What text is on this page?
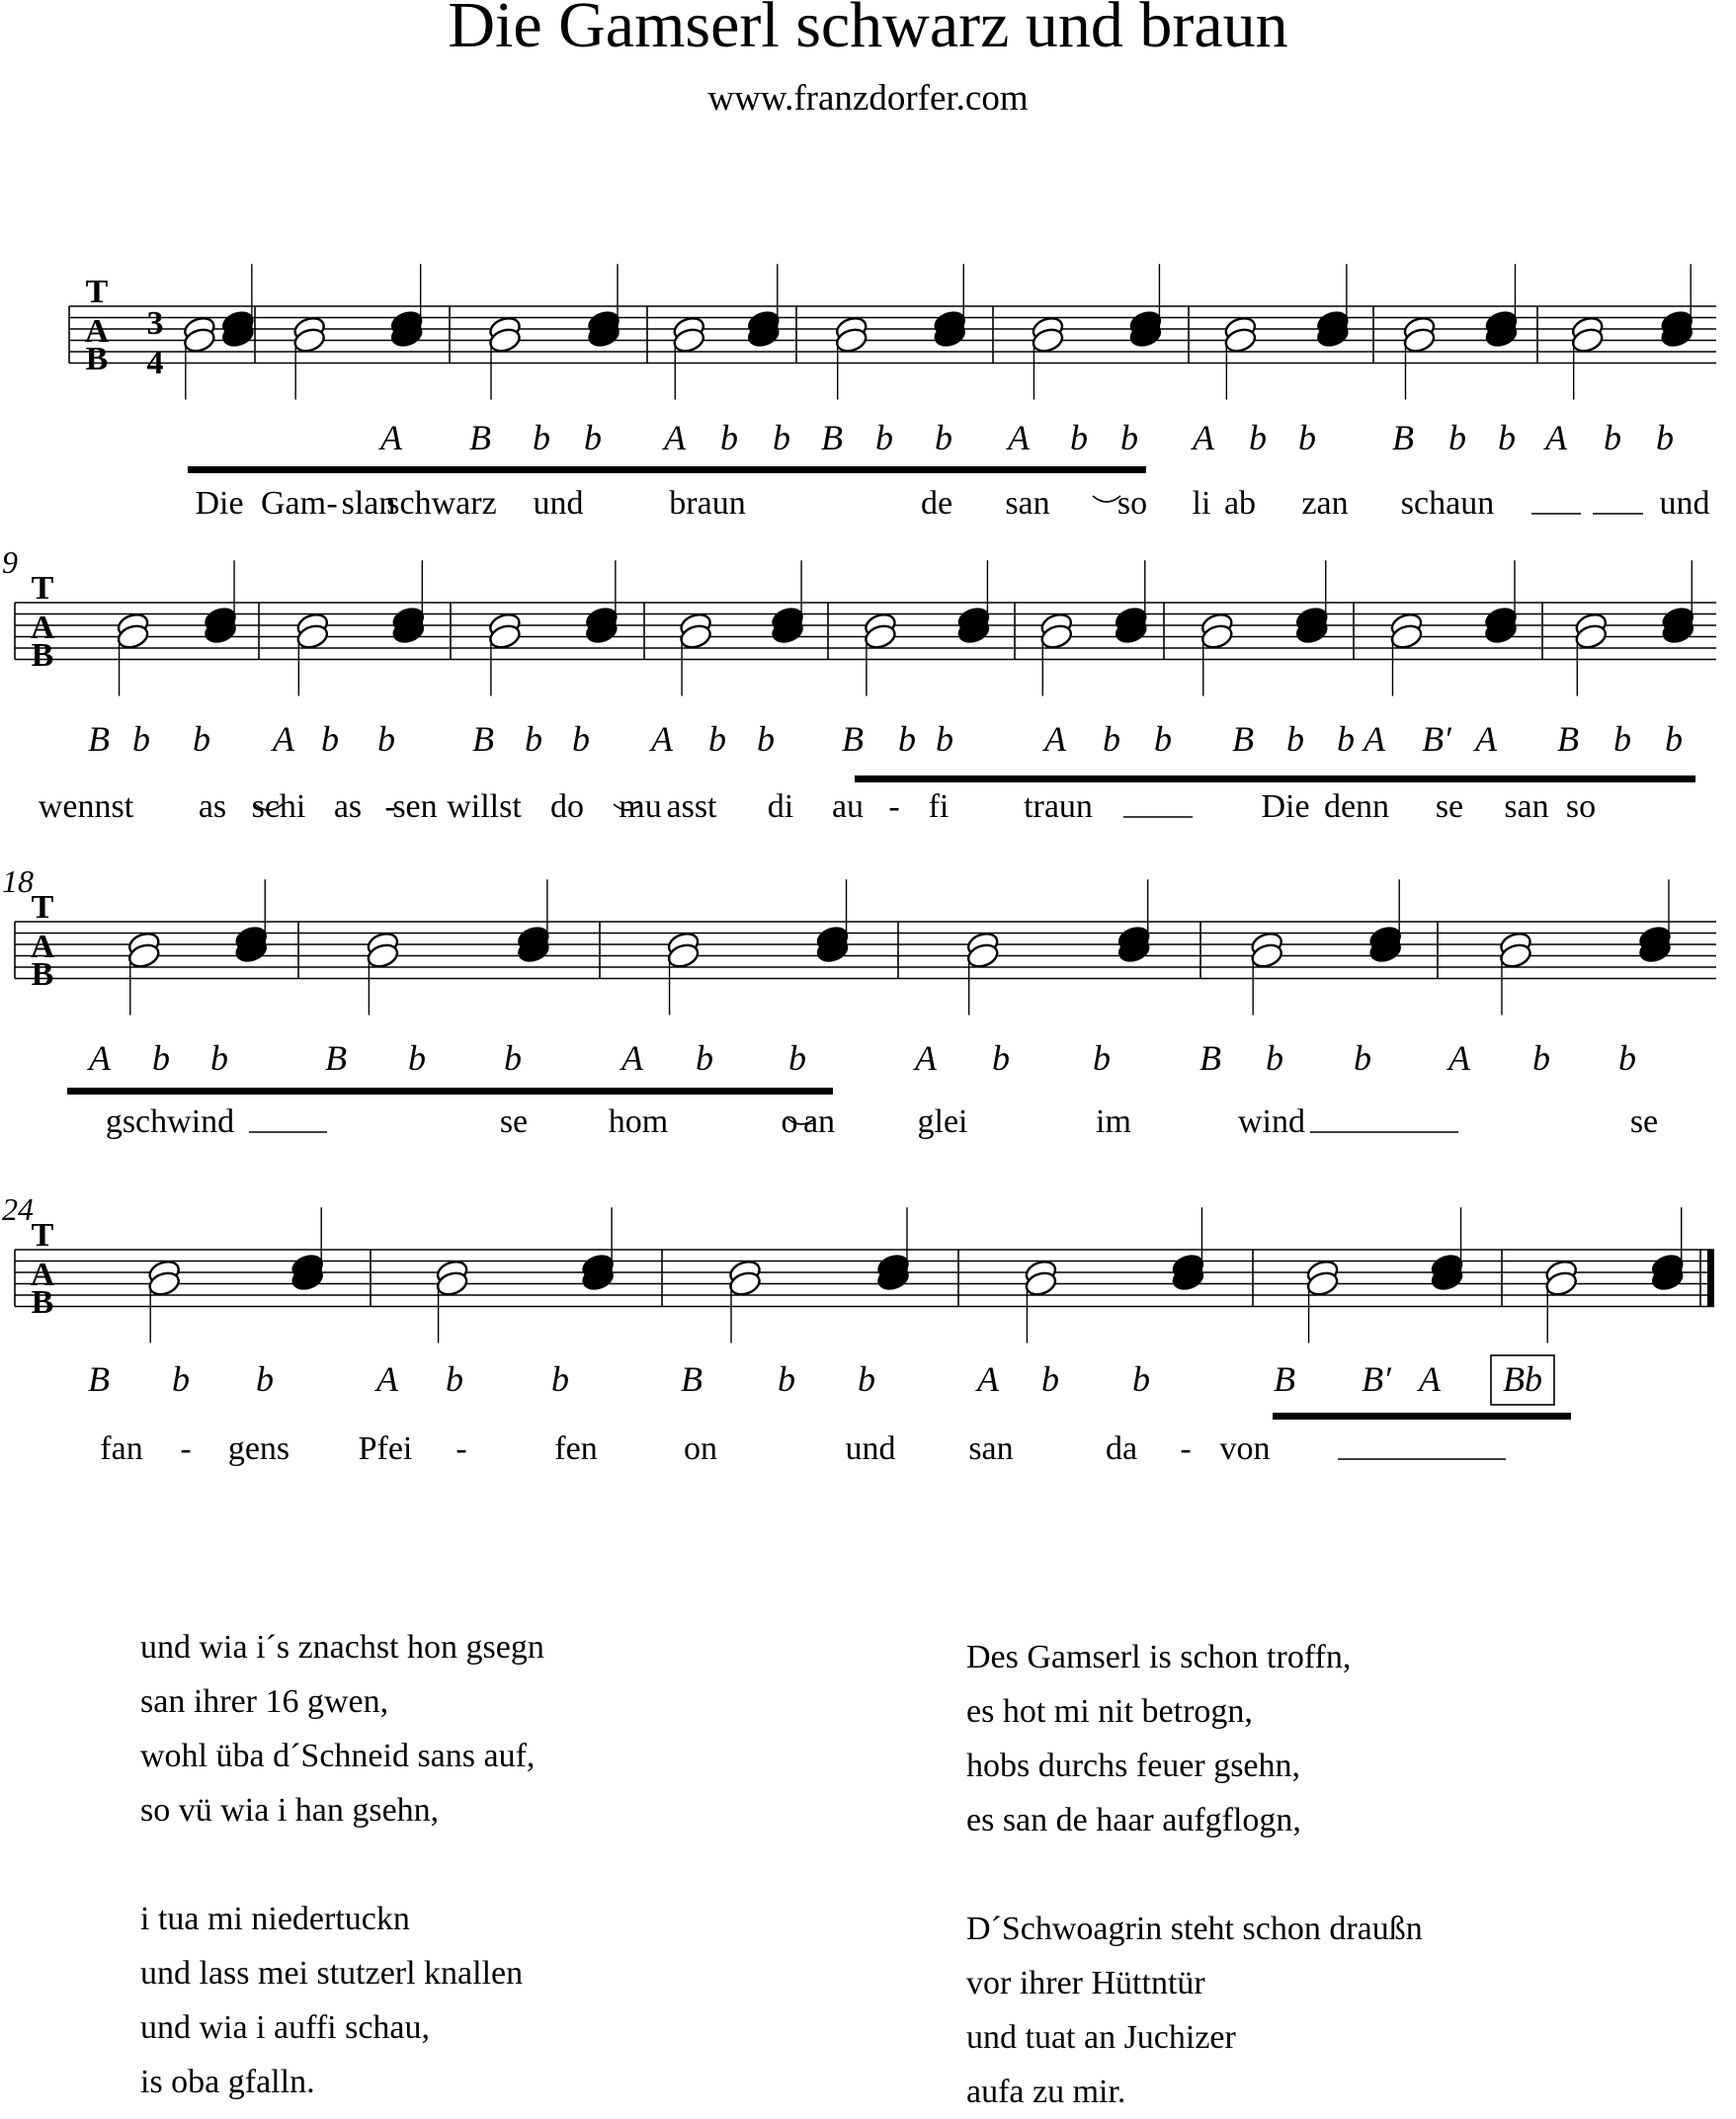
Die Gamserl schwarz und braun
www.franzdorfer.com
T
A
B
3
4
A B b b A b b B b b A b b A b b B b b A b b
Die Gam - slan
schwarz und	braun	de san so li ab zan schaun	und
T
A
B
9
B b b A b b B b b A b b B b b	A b b B b b A B′ A B b b
wennst as schi as -
sen willst do mu asst di au - fi traun	Die denn se san so
T
A
B
18
A b b	B b b	A b b	A b b	B b b A b b
gschwind	se hom	o an glei	im	wind	se
T
A
B
24
B b b	A b b	B b b	A b b	B B′ A Bb
fan - gens Pfei -	fen	on	und san	da - von
und wia i´s znachst hon gsegn
san ihrer 16 gwen,
wohl üba d´Schneid sans auf,
so vü wia i han gsehn,
i tua mi niedertuckn
und lass mei stutzerl knallen
und wia i auffi schau,
is oba gfalln.
Des Gamserl is schon troffn,
es hot mi nit betrogn,
hobs durchs feuer gsehn,
es san de haar aufgflogn,
D´Schwoagrin steht schon draußn
vor ihrer Hüttntür
und tuat an Juchizer
aufa zu mir.
